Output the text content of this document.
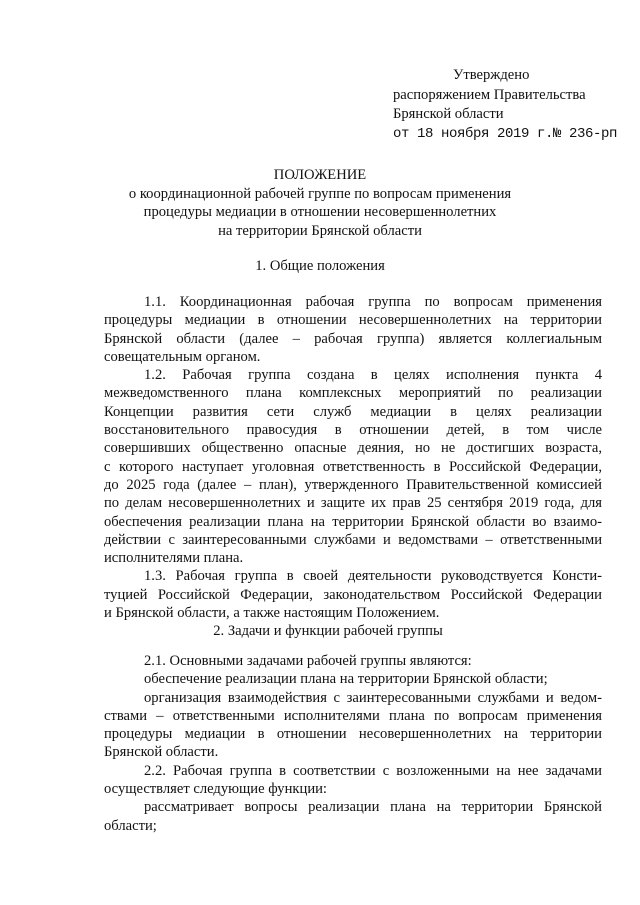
Утверждено
распоряжением Правительства
Брянской области
от 18 ноября 2019 г.№ 236-рп
ПОЛОЖЕНИЕ
о координационной рабочей группе по вопросам применения
процедуры медиации в отношении несовершеннолетних
на территории Брянской области
1. Общие положения
1.1. Координационная рабочая группа по вопросам применения
процедуры медиации в отношении несовершеннолетних на территории
Брянской области (далее – рабочая группа) является коллегиальным
совещательным органом.
1.2. Рабочая группа создана в целях исполнения пункта 4
межведомственного плана комплексных мероприятий по реализации
Концепции развития сети служб медиации в целях реализации
восстановительного правосудия в отношении детей, в том числе
совершивших общественно опасные деяния, но не достигших возраста,
с которого наступает уголовная ответственность в Российской Федерации,
до 2025 года (далее – план), утвержденного Правительственной комиссией
по делам несовершеннолетних и защите их прав 25 сентября 2019 года, для
обеспечения реализации плана на территории Брянской области во взаимо-
действии с заинтересованными службами и ведомствами – ответственными
исполнителями плана.
1.3. Рабочая группа в своей деятельности руководствуется Консти-
туцией Российской Федерации, законодательством Российской Федерации
и Брянской области, а также настоящим Положением.
2. Задачи и функции рабочей группы
2.1. Основными задачами рабочей группы являются:
обеспечение реализации плана на территории Брянской области;
организация взаимодействия с заинтересованными службами и ведом-
ствами – ответственными исполнителями плана по вопросам применения
процедуры медиации в отношении несовершеннолетних на территории
Брянской области.
2.2. Рабочая группа в соответствии с возложенными на нее задачами
осуществляет следующие функции:
рассматривает вопросы реализации плана на территории Брянской
области;
